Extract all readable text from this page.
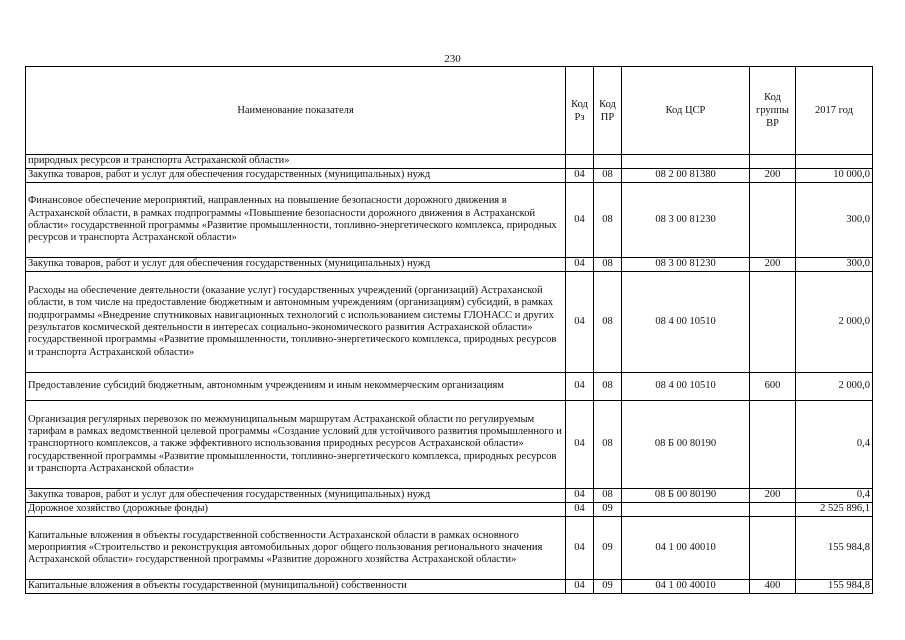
230
Наименование показателя	Код Рз	Код ПР	Код ЦСР	Код группы ВР	2017 год
природных ресурсов и транспорта Астраханской области»					
Закупка товаров, работ и услуг для обеспечения государственных (муниципальных) нужд	04	08	08 2 00 81380	200	10 000,0
Финансовое обеспечение мероприятий, направленных на повышение безопасности дорожного движения в Астраханской области, в рамках подпрограммы «Повышение безопасности дорожного движения в Астраханской области» государственной программы «Развитие промышленности, топливно-энергетического комплекса, природных ресурсов и транспорта Астраханской области»	04	08	08 3 00 81230		300,0
Закупка товаров, работ и услуг для обеспечения государственных (муниципальных) нужд	04	08	08 3 00 81230	200	300,0
Расходы на обеспечение деятельности (оказание услуг) государственных учреждений (организаций) Астраханской области, в том числе на предоставление бюджетным и автономным учреждениям (организациям) субсидий, в рамках подпрограммы «Внедрение спутниковых навигационных технологий с использованием системы ГЛОНАСС и других результатов космической деятельности в интересах социально-экономического развития Астраханской области» государственной программы «Развитие промышленности, топливно-энергетического комплекса, природных ресурсов и транспорта Астраханской области»	04	08	08 4 00 10510		2 000,0
Предоставление субсидий бюджетным, автономным учреждениям и иным некоммерческим организациям	04	08	08 4 00 10510	600	2 000,0
Организация регулярных перевозок по межмуниципальным маршрутам Астраханской области по регулируемым тарифам в рамках ведомственной целевой программы «Создание условий для устойчивого развития промышленного и транспортного комплексов, а также эффективного использования природных ресурсов Астраханской области» государственной программы «Развитие промышленности, топливно-энергетического комплекса, природных ресурсов и транспорта Астраханской области»	04	08	08 Б 00 80190		0,4
Закупка товаров, работ и услуг для обеспечения государственных (муниципальных) нужд	04	08	08 Б 00 80190	200	0,4
Дорожное хозяйство (дорожные фонды)	04	09			2 525 896,1
Капитальные вложения в объекты государственной собственности Астраханской области в рамках основного мероприятия «Строительство и реконструкция автомобильных дорог общего пользования регионального значения Астраханской области» государственной программы «Развитие дорожного хозяйства Астраханской области»	04	09	04 1 00 40010		155 984,8
Капитальные вложения в объекты государственной (муниципальной) собственности	04	09	04 1 00 40010	400	155 984,8
